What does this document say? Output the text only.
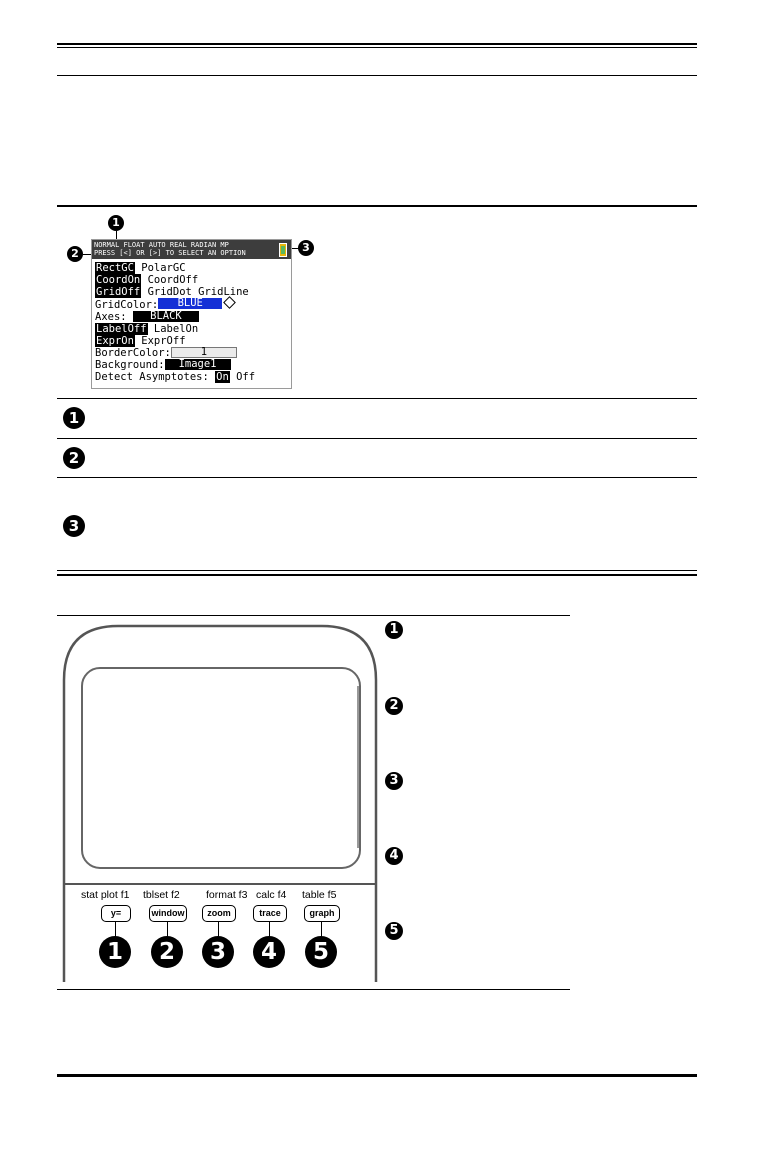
1
2	3
NORMAL FLOAT AUTO REAL RADIAN MP
PRESS [<] OR [>] TO SELECT AN OPTION
RectGC PolarGC
CoordOn CoordOff
GridOff GridDot GridLine
GridColor: BLUE
Axes: BLACK
LabelOff LabelOn
ExprOn ExprOff
BorderColor:	1
Background: Image1
Detect Asymptotes: On Off
1
2
3
stat plot f1 tblset f2 format f3 calc f4 table f5
y=	window	zoom	trace	graph
1	2	3	4	5
1
2
3
4
5
